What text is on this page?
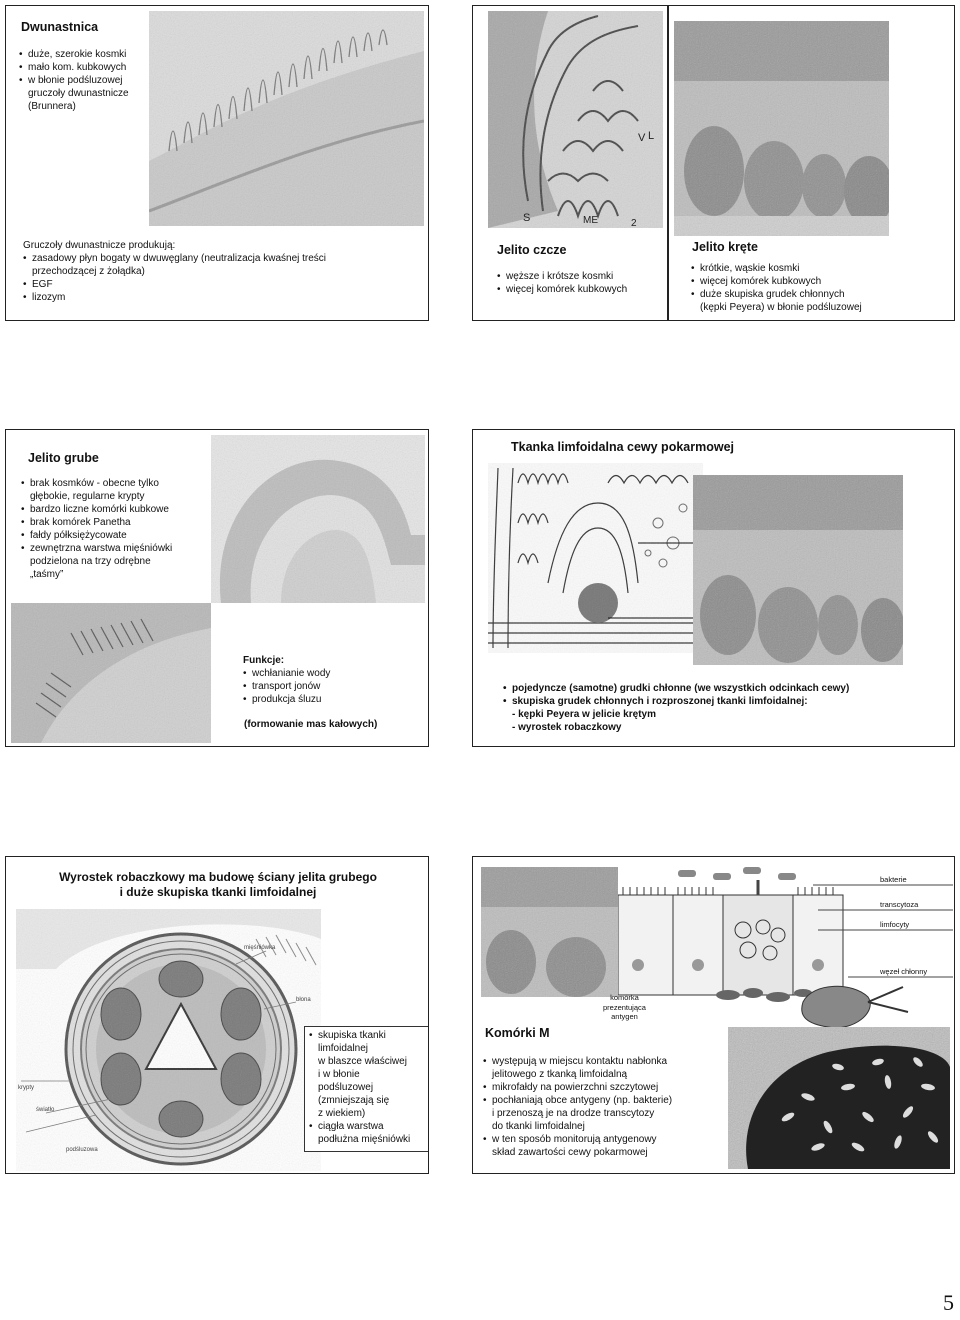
Dwunastnica
• duże, szerokie kosmki
• mało kom. kubkowych
• w błonie podśluzowej
gruczoły dwunastnicze
(Brunnera)
Gruczoły dwunastnicze produkują:
• zasadowy płyn bogaty w dwuwęglany (neutralizacja kwaśnej treści
przechodzącej z żołądka)
• EGF
• lizozym
V L
S	ME	2
Jelito czcze
• węższe i krótsze kosmki
• więcej komórek kubkowych
Jelito kręte
• krótkie, wąskie kosmki
• więcej komórek kubkowych
• duże skupiska grudek chłonnych
(kępki Peyera) w błonie podśluzowej
Jelito grube
• brak kosmków - obecne tylko
głębokie, regularne krypty
• bardzo liczne komórki kubkowe
• brak komórek Panetha
• fałdy półksiężycowate
• zewnętrzna warstwa mięśniówki
podzielona na trzy odrębne
„taśmy”
Funkcje:
• wchłanianie wody
• transport jonów
• produkcja śluzu
(formowanie mas kałowych)
Tkanka limfoidalna cewy pokarmowej
• pojedyncze (samotne) grudki chłonne (we wszystkich odcinkach cewy)
• skupiska grudek chłonnych i rozproszonej tkanki limfoidalnej:
- kępki Peyera w jelicie krętym
- wyrostek robaczkowy
Wyrostek robaczkowy ma budowę ściany jelita grubego
i duże skupiska tkanki limfoidalnej
mięśniówka
błona
krypty
światło
podśluzowa
• skupiska tkanki
limfoidalnej
w blaszce właściwej
i w błonie
podśluzowej
(zmniejszają się
z wiekiem)
• ciągła warstwa
podłużna mięśniówki
bakterie
transcytoza
limfocyty
węzeł chłonny
komórka
prezentująca
antygen
Komórki M
• występują w miejscu kontaktu nabłonka
jelitowego z tkanką limfoidalną
• mikrofałdy na powierzchni szczytowej
• pochłaniają obce antygeny (np. bakterie)
i przenoszą je na drodze transcytozy
do tkanki limfoidalnej
• w ten sposób monitorują antygenowy
skład zawartości cewy pokarmowej
5
